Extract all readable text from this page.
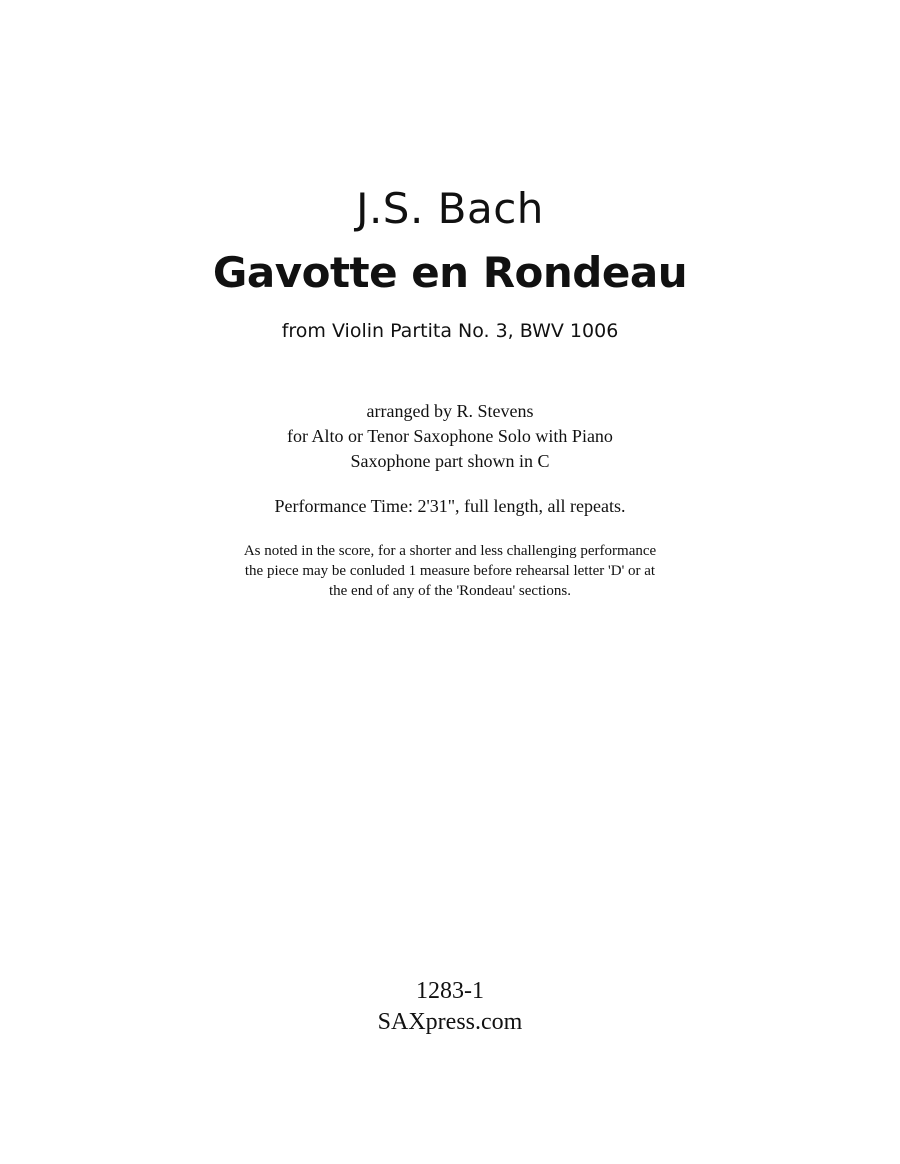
J.S. Bach
Gavotte en Rondeau
from Violin Partita No. 3, BWV 1006
arranged by R. Stevens
for Alto or Tenor Saxophone Solo with Piano
Saxophone part shown in C
Performance Time: 2'31", full length, all repeats.
As noted in the score, for a shorter and less challenging performance
the piece may be conluded 1 measure before rehearsal letter 'D' or at
the end of any of the 'Rondeau' sections.
1283-1
SAXpress.com
